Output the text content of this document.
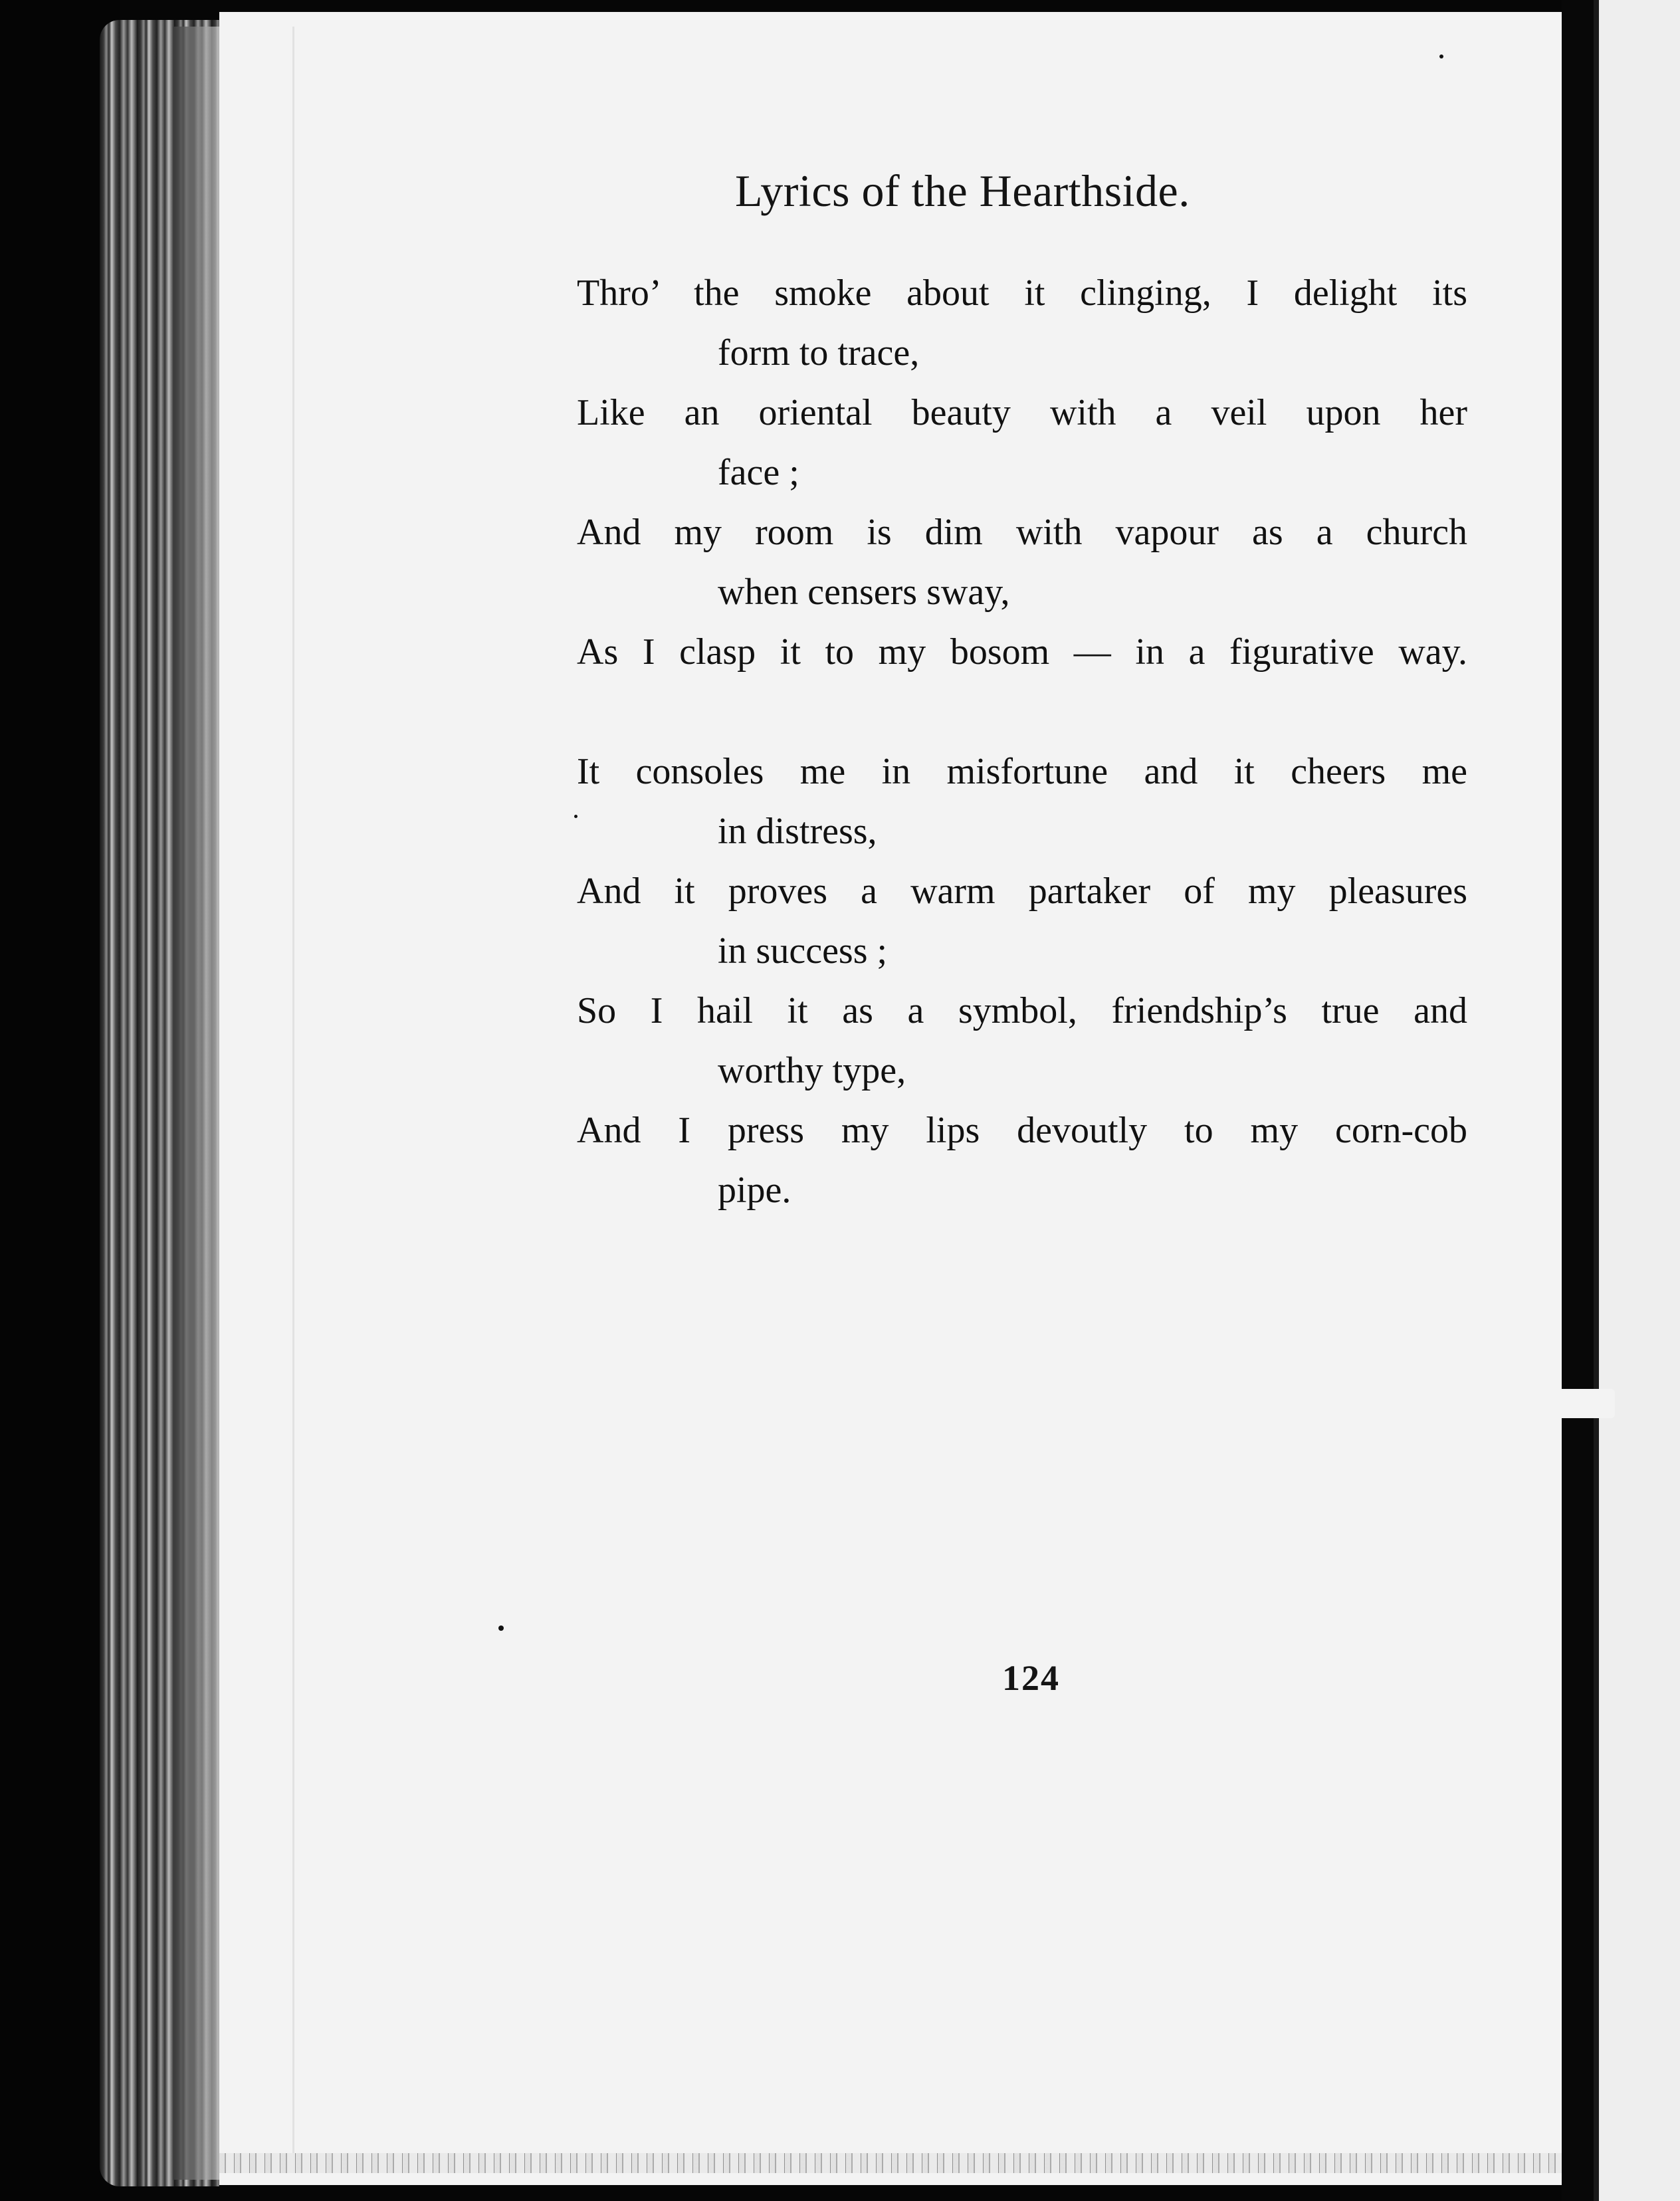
Lyrics of the Hearthside.
Thro’ the smoke about it clinging, I delight its
form to trace,
Like an oriental beauty with a veil upon her
face ;
And my room is dim with vapour as a church
when censers sway,
As I clasp it to my bosom — in a figurative way.
It consoles me in misfortune and it cheers me
in distress,
And it proves a warm partaker of my pleasures
in success ;
So I hail it as a symbol, friendship’s true and
worthy type,
And I press my lips devoutly to my corn-cob
pipe.
124
